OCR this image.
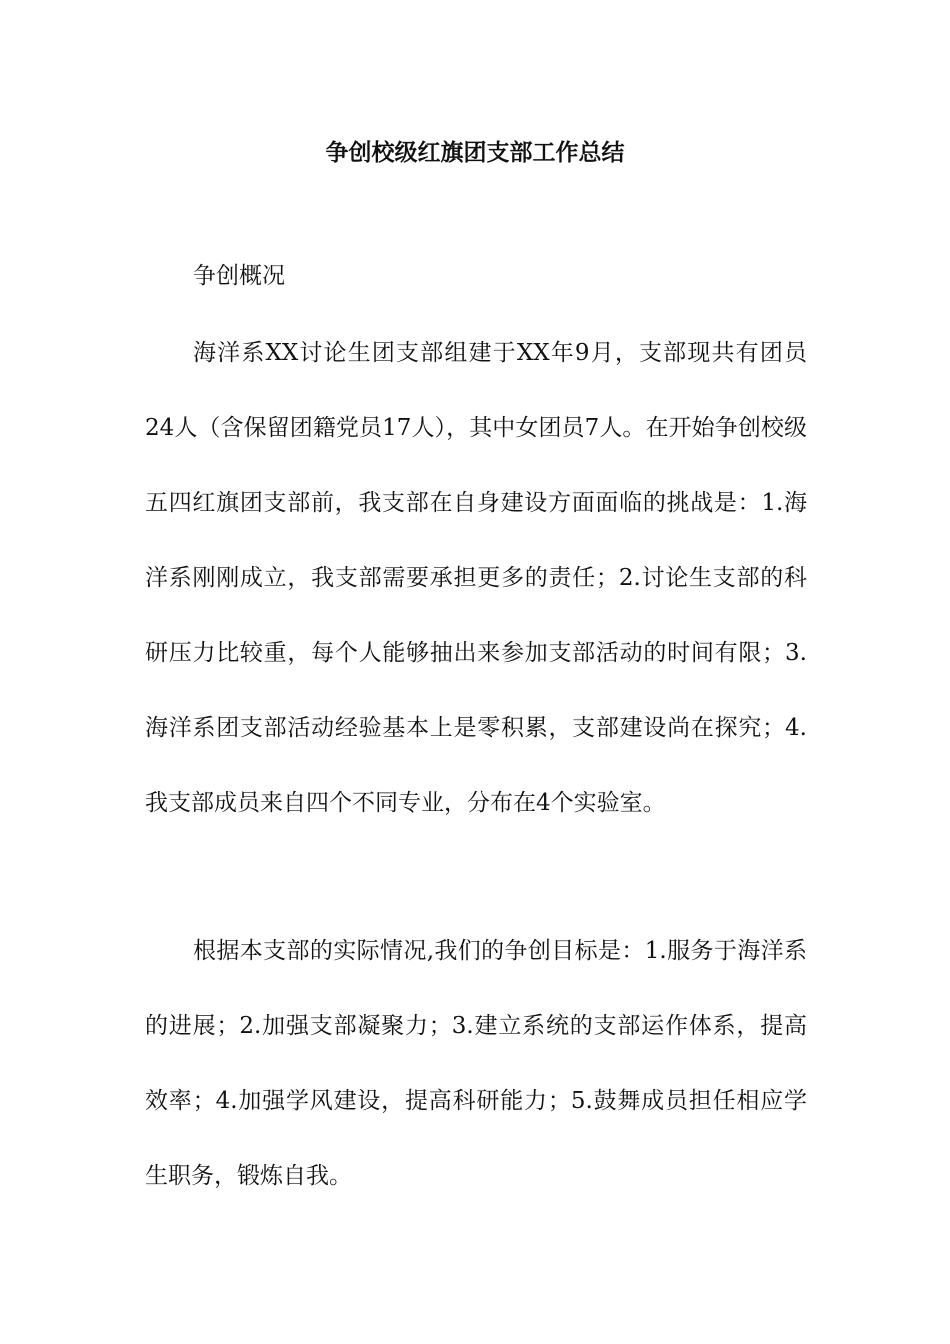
争创校级红旗团支部工作总结

争创概况

海洋系XX讨论生团支部组建于XX年9月，支部现共有团员24人（含保留团籍党员17人），其中女团员7人。在开始争创校级五四红旗团支部前，我支部在自身建设方面面临的挑战是：1.海洋系刚刚成立，我支部需要承担更多的责任；2.讨论生支部的科研压力比较重，每个人能够抽出来参加支部活动的时间有限；3.海洋系团支部活动经验基本上是零积累，支部建设尚在探究；4.我支部成员来自四个不同专业，分布在4个实验室。

根据本支部的实际情况,我们的争创目标是：1.服务于海洋系的进展；2.加强支部凝聚力；3.建立系统的支部运作体系，提高效率；4.加强学风建设，提高科研能力；5.鼓舞成员担任相应学生职务，锻炼自我。
